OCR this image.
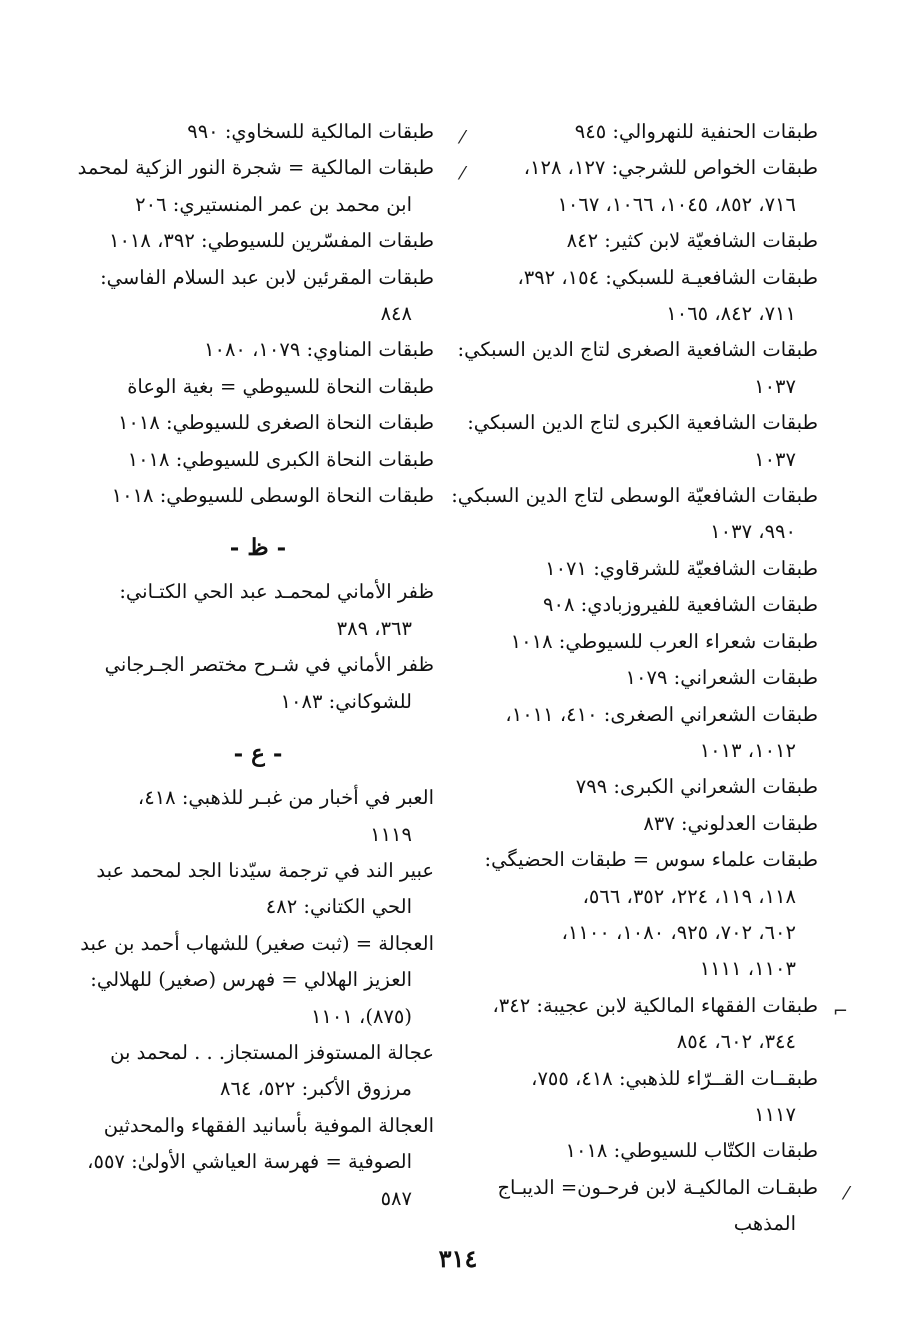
طبقات الحنفية للنهروالي: ٩٤٥
طبقات الخواص للشرجي: ١٢٧، ١٢٨،
٧١٦، ٨٥٢، ١٠٤٥، ١٠٦٦، ١٠٦٧
طبقات الشافعيّة لابن كثير: ٨٤٢
طبقات الشافعيـة للسبكي: ١٥٤، ٣٩٢،
٧١١، ٨٤٢، ١٠٦٥
طبقات الشافعية الصغرى لتاج الدين السبكي:
١٠٣٧
طبقات الشافعية الكبرى لتاج الدين السبكي:
١٠٣٧
طبقات الشافعيّة الوسطى لتاج الدين السبكي:
٩٩٠، ١٠٣٧
طبقات الشافعيّة للشرقاوي: ١٠٧١
طبقات الشافعية للفيروزبادي: ٩٠٨
طبقات شعراء العرب للسيوطي: ١٠١٨
طبقات الشعراني: ١٠٧٩
طبقات الشعراني الصغرى: ٤١٠، ١٠١١،
١٠١٢، ١٠١٣
طبقات الشعراني الكبرى: ٧٩٩
طبقات العدلوني: ٨٣٧
طبقات علماء سوس = طبقات الحضيگي:
١١٨، ١١٩، ٢٢٤، ٣٥٢، ٥٦٦،
٦٠٢، ٧٠٢، ٩٢٥، ١٠٨٠، ١١٠٠،
١١٠٣، ١١١١
⌐
طبقات الفقهاء المالكية لابن عجيبة: ٣٤٢،
٣٤٤، ٦٠٢، ٨٥٤
طبقــات القــرّاء للذهبي: ٤١٨، ٧٥٥،
١١١٧
طبقات الكتّاب للسيوطي: ١٠١٨
⁄
طبقـات المالكيـة لابن فرحـون= الديبـاج
المذهب
⁄
طبقات المالكية للسخاوي: ٩٩٠
⁄
طبقات المالكية = شجرة النور الزكية لمحمد
ابن محمد بن عمر المنستيري: ٢٠٦
طبقات المفسّرين للسيوطي: ٣٩٢، ١٠١٨
طبقات المقرئين لابن عبد السلام الفاسي:
٨٤٨
طبقات المناوي: ١٠٧٩، ١٠٨٠
طبقات النحاة للسيوطي = بغية الوعاة
طبقات النحاة الصغرى للسيوطي: ١٠١٨
طبقات النحاة الكبرى للسيوطي: ١٠١٨
طبقات النحاة الوسطى للسيوطي: ١٠١٨
- ظ -
ظفر الأماني لمحمـد عبد الحي الكتـاني:
٣٦٣، ٣٨٩
ظفر الأماني في شـرح مختصر الجـرجاني
للشوكاني: ١٠٨٣
- ع -
العبر في أخبار من غبـر للذهبي: ٤١٨،
١١١٩
عبير الند في ترجمة سيّدنا الجد لمحمد عبد
الحي الكتاني: ٤٨٢
العجالة = (ثبت صغير) للشهاب أحمد بن عبد
العزيز الهلالي = فهرس (صغير) للهلالي:
(٨٧٥)، ١١٠١
عجالة المستوفز المستجاز. . . لمحمد بن
مرزوق الأكبر: ٥٢٢، ٨٦٤
العجالة الموفية بأسانيد الفقهاء والمحدثين
الصوفية = فهرسة العياشي الأولىٰ: ٥٥٧،
٥٨٧
٣١٤
